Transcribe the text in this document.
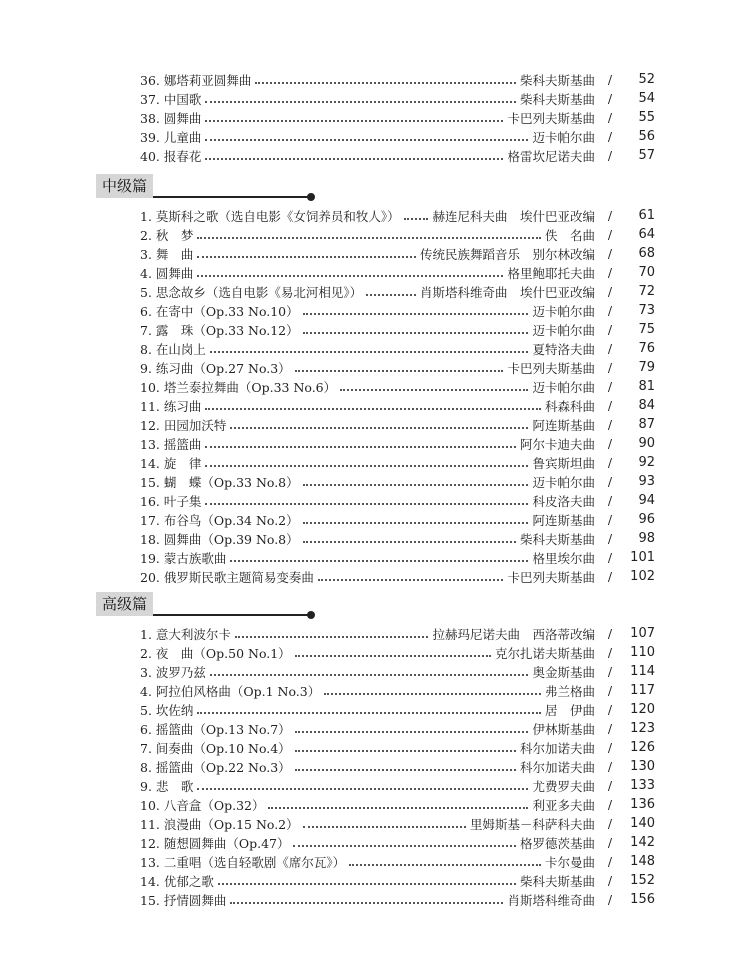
36. 娜塔莉亚圆舞曲	柴科夫斯基曲	/	52
37. 中国歌	柴科夫斯基曲	/	54
38. 圆舞曲	卡巴列夫斯基曲	/	55
39. 儿童曲	迈卡帕尔曲	/	56
40. 报春花	格雷坎尼诺夫曲	/	57
中级篇
1. 莫斯科之歌（选自电影《女饲养员和牧人》）	赫连尼科夫曲　埃什巴亚改编	/	61
2. 秋　梦	佚　名曲	/	64
3. 舞　曲	传统民族舞蹈音乐　别尔林改编	/	68
4. 圆舞曲	格里鲍耶托夫曲	/	70
5. 思念故乡（选自电影《易北河相见》）	肖斯塔科维奇曲　埃什巴亚改编	/	72
6. 在寄中（Op.33 No.10）	迈卡帕尔曲	/	73
7. 露　珠（Op.33 No.12）	迈卡帕尔曲	/	75
8. 在山岗上	夏特洛夫曲	/	76
9. 练习曲（Op.27 No.3）	卡巴列夫斯基曲	/	79
10. 塔兰泰拉舞曲（Op.33 No.6）	迈卡帕尔曲	/	81
11. 练习曲	科森科曲	/	84
12. 田园加沃特	阿连斯基曲	/	87
13. 摇篮曲	阿尔卡迪夫曲	/	90
14. 旋　律	鲁宾斯坦曲	/	92
15. 蝴　蝶（Op.33 No.8）	迈卡帕尔曲	/	93
16. 叶子集	科皮洛夫曲	/	94
17. 布谷鸟（Op.34 No.2）	阿连斯基曲	/	96
18. 圆舞曲（Op.39 No.8）	柴科夫斯基曲	/	98
19. 蒙古族歌曲	格里埃尔曲	/	101
20. 俄罗斯民歌主题简易变奏曲	卡巴列夫斯基曲	/	102
高级篇
1. 意大利波尔卡	拉赫玛尼诺夫曲　西洛蒂改编	/	107
2. 夜　曲（Op.50 No.1）	克尔扎诺夫斯基曲	/	110
3. 波罗乃兹	奥金斯基曲	/	114
4. 阿拉伯风格曲（Op.1 No.3）	弗兰格曲	/	117
5. 坎佐纳	居　伊曲	/	120
6. 摇篮曲（Op.13 No.7）	伊林斯基曲	/	123
7. 间奏曲（Op.10 No.4）	科尔加诺夫曲	/	126
8. 摇篮曲（Op.22 No.3）	科尔加诺夫曲	/	130
9. 悲　歌	尤费罗夫曲	/	133
10. 八音盒（Op.32）	利亚多夫曲	/	136
11. 浪漫曲（Op.15 No.2）	里姆斯基－科萨科夫曲	/	140
12. 随想圆舞曲（Op.47）	格罗德茨基曲	/	142
13. 二重唱（选自轻歌剧《席尔瓦》）	卡尔曼曲	/	148
14. 优郁之歌	柴科夫斯基曲	/	152
15. 抒情圆舞曲	肖斯塔科维奇曲	/	156
